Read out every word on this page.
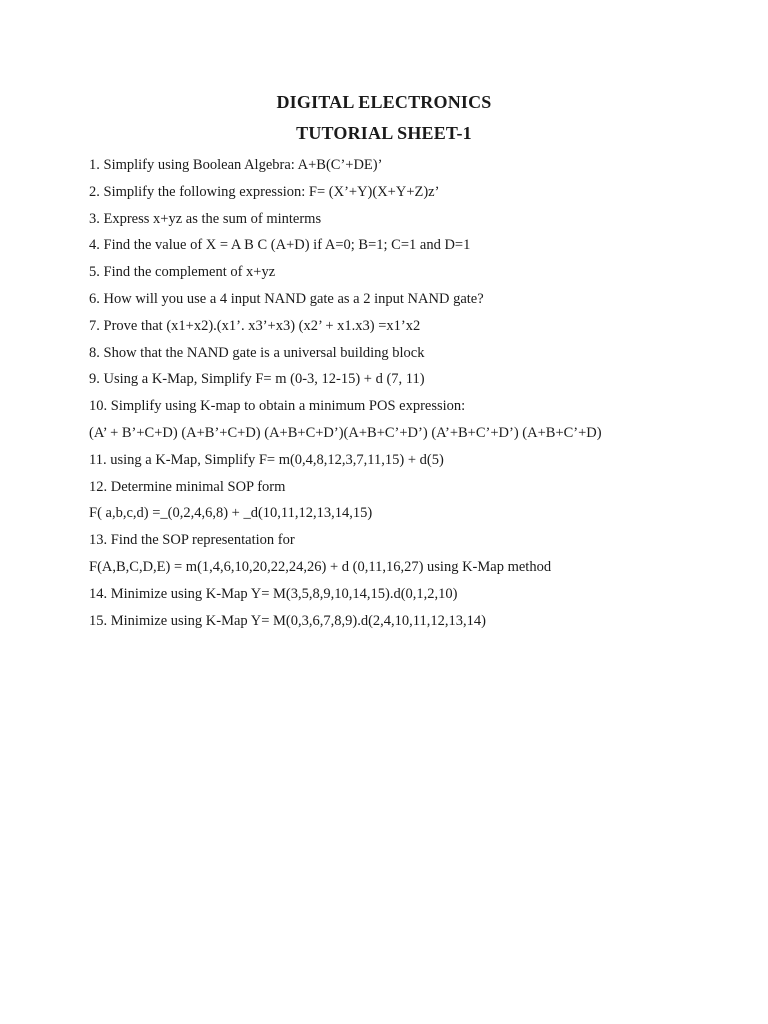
DIGITAL ELECTRONICS
TUTORIAL SHEET-1
1. Simplify using Boolean Algebra: A+B(C’+DE)’
2. Simplify the following expression: F= (X’+Y)(X+Y+Z)z’
3. Express x+yz as the sum of minterms
4. Find the value of X = A B C (A+D) if A=0; B=1; C=1 and D=1
5. Find the complement of x+yz
6. How will you use a 4 input NAND gate as a 2 input NAND gate?
7. Prove that (x1+x2).(x1’. x3’+x3) (x2’ + x1.x3) =x1’x2
8. Show that the NAND gate is a universal building block
9. Using a K-Map, Simplify F= m (0-3, 12-15) + d (7, 11)
10. Simplify using K-map to obtain a minimum POS expression:
(A’ + B’+C+D) (A+B’+C+D) (A+B+C+D’)(A+B+C’+D’) (A’+B+C’+D’) (A+B+C’+D)
11. using a K-Map, Simplify F= m(0,4,8,12,3,7,11,15) + d(5)
12. Determine minimal SOP form
F( a,b,c,d) =_(0,2,4,6,8) + _d(10,11,12,13,14,15)
13. Find the SOP representation for
F(A,B,C,D,E) = m(1,4,6,10,20,22,24,26) + d (0,11,16,27) using K-Map method
14. Minimize using K-Map Y= M(3,5,8,9,10,14,15).d(0,1,2,10)
15. Minimize using K-Map Y= M(0,3,6,7,8,9).d(2,4,10,11,12,13,14)
